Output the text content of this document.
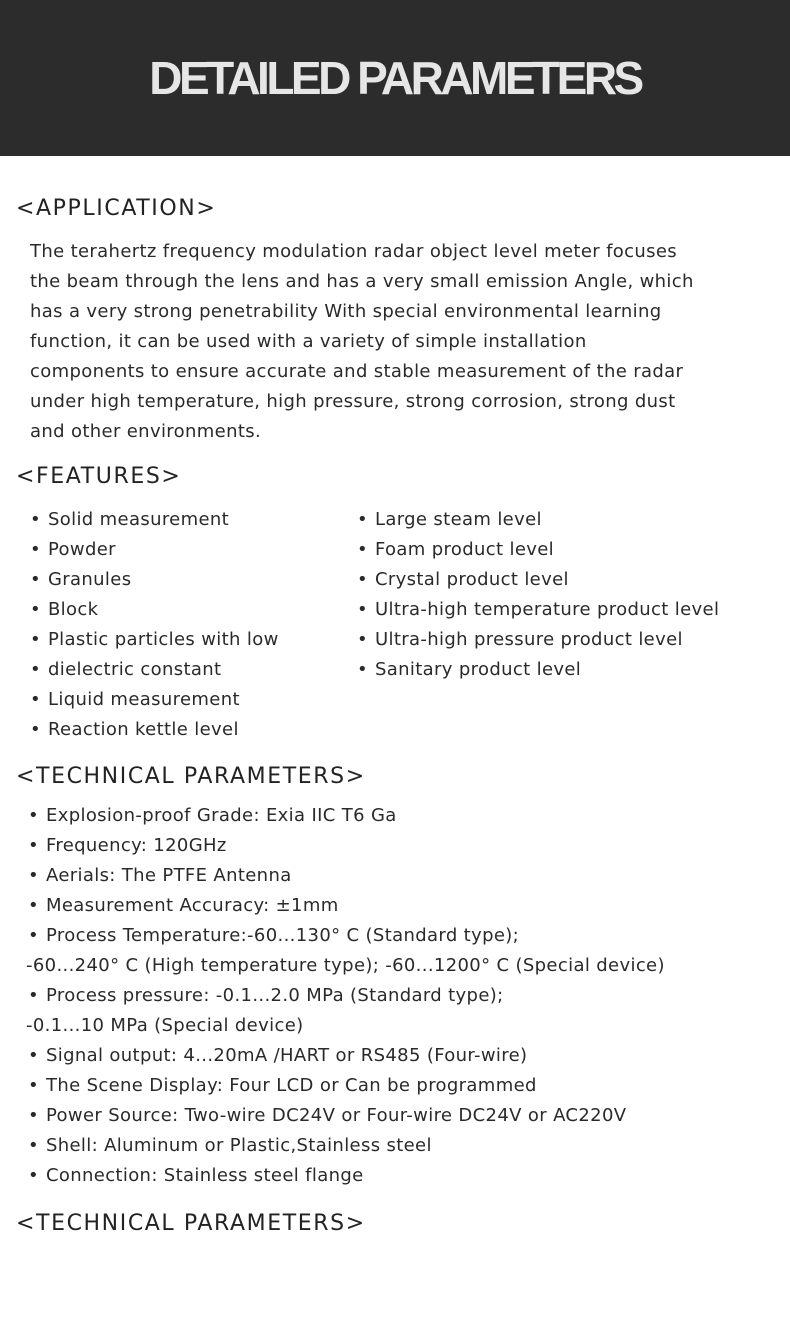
DETAILED PARAMETERS
<APPLICATION>
The terahertz frequency modulation radar object level meter focuses
the beam through the lens and has a very small emission Angle, which
has a very strong penetrability With special environmental learning
function, it can be used with a variety of simple installation
components to ensure accurate and stable measurement of the radar
under high temperature, high pressure, strong corrosion, strong dust
and other environments.
<FEATURES>
• Solid measurement
• Powder
• Granules
• Block
• Plastic particles with low
• dielectric constant
• Liquid measurement
• Reaction kettle level
• Large steam level
• Foam product level
• Crystal product level
• Ultra-high temperature product level
• Ultra-high pressure product level
• Sanitary product level
<TECHNICAL PARAMETERS>
• Explosion-proof Grade: Exia IIC T6 Ga
• Frequency: 120GHz
• Aerials: The PTFE Antenna
• Measurement Accuracy: ±1mm
• Process Temperature:-60...130° C (Standard type);
-60...240° C (High temperature type); -60...1200° C (Special device)
• Process pressure: -0.1...2.0 MPa (Standard type);
-0.1...10 MPa (Special device)
• Signal output: 4...20mA /HART or RS485 (Four-wire)
• The Scene Display: Four LCD or Can be programmed
• Power Source: Two-wire DC24V or Four-wire DC24V or AC220V
• Shell: Aluminum or Plastic,Stainless steel
• Connection: Stainless steel flange
<TECHNICAL PARAMETERS>
